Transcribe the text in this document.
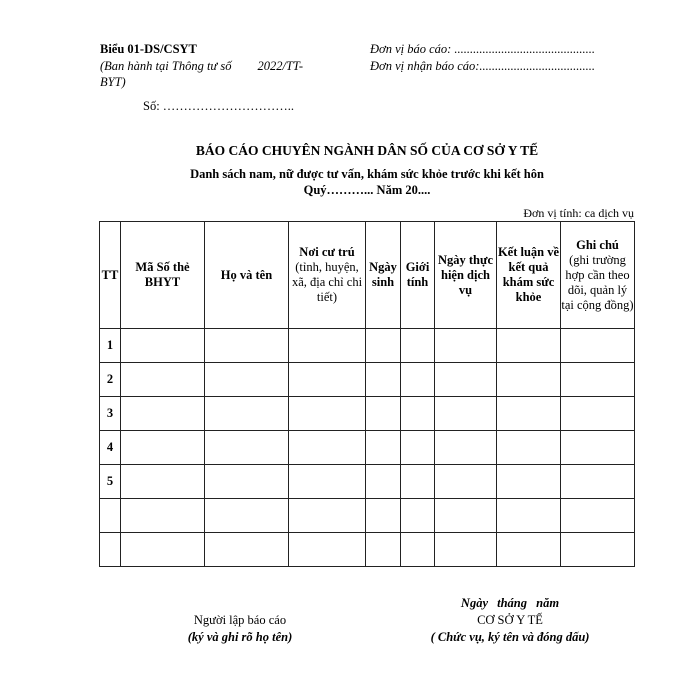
Biểu 01-DS/CSYT
(Ban hành tại Thông tư số 2022/TT-
BYT)
Đơn vị báo cáo: .............................................
Đơn vị nhận báo cáo:.....................................
Số: …………………………..
BÁO CÁO CHUYÊN NGÀNH DÂN SỐ CỦA CƠ SỞ Y TẾ
Danh sách nam, nữ được tư vấn, khám sức khỏe trước khi kết hôn
Quý………... Năm 20....
Đơn vị tính: ca dịch vụ
TT	Mã Số thẻ BHYT	Họ và tên	Nơi cư trú
(tỉnh, huyện, xã, địa chỉ chi tiết)	Ngày sinh	Giới tính	Ngày thực hiện dịch vụ	Kết luận về kết quả khám sức khỏe	Ghi chú
(ghi trường hợp cần theo dõi, quản lý tại cộng đồng)
1								
2								
3								
4								
5								

Người lập báo cáo
(ký và ghi rõ họ tên)
Ngày tháng năm
CƠ SỞ Y TẾ
( Chức vụ, ký tên và đóng dấu)
